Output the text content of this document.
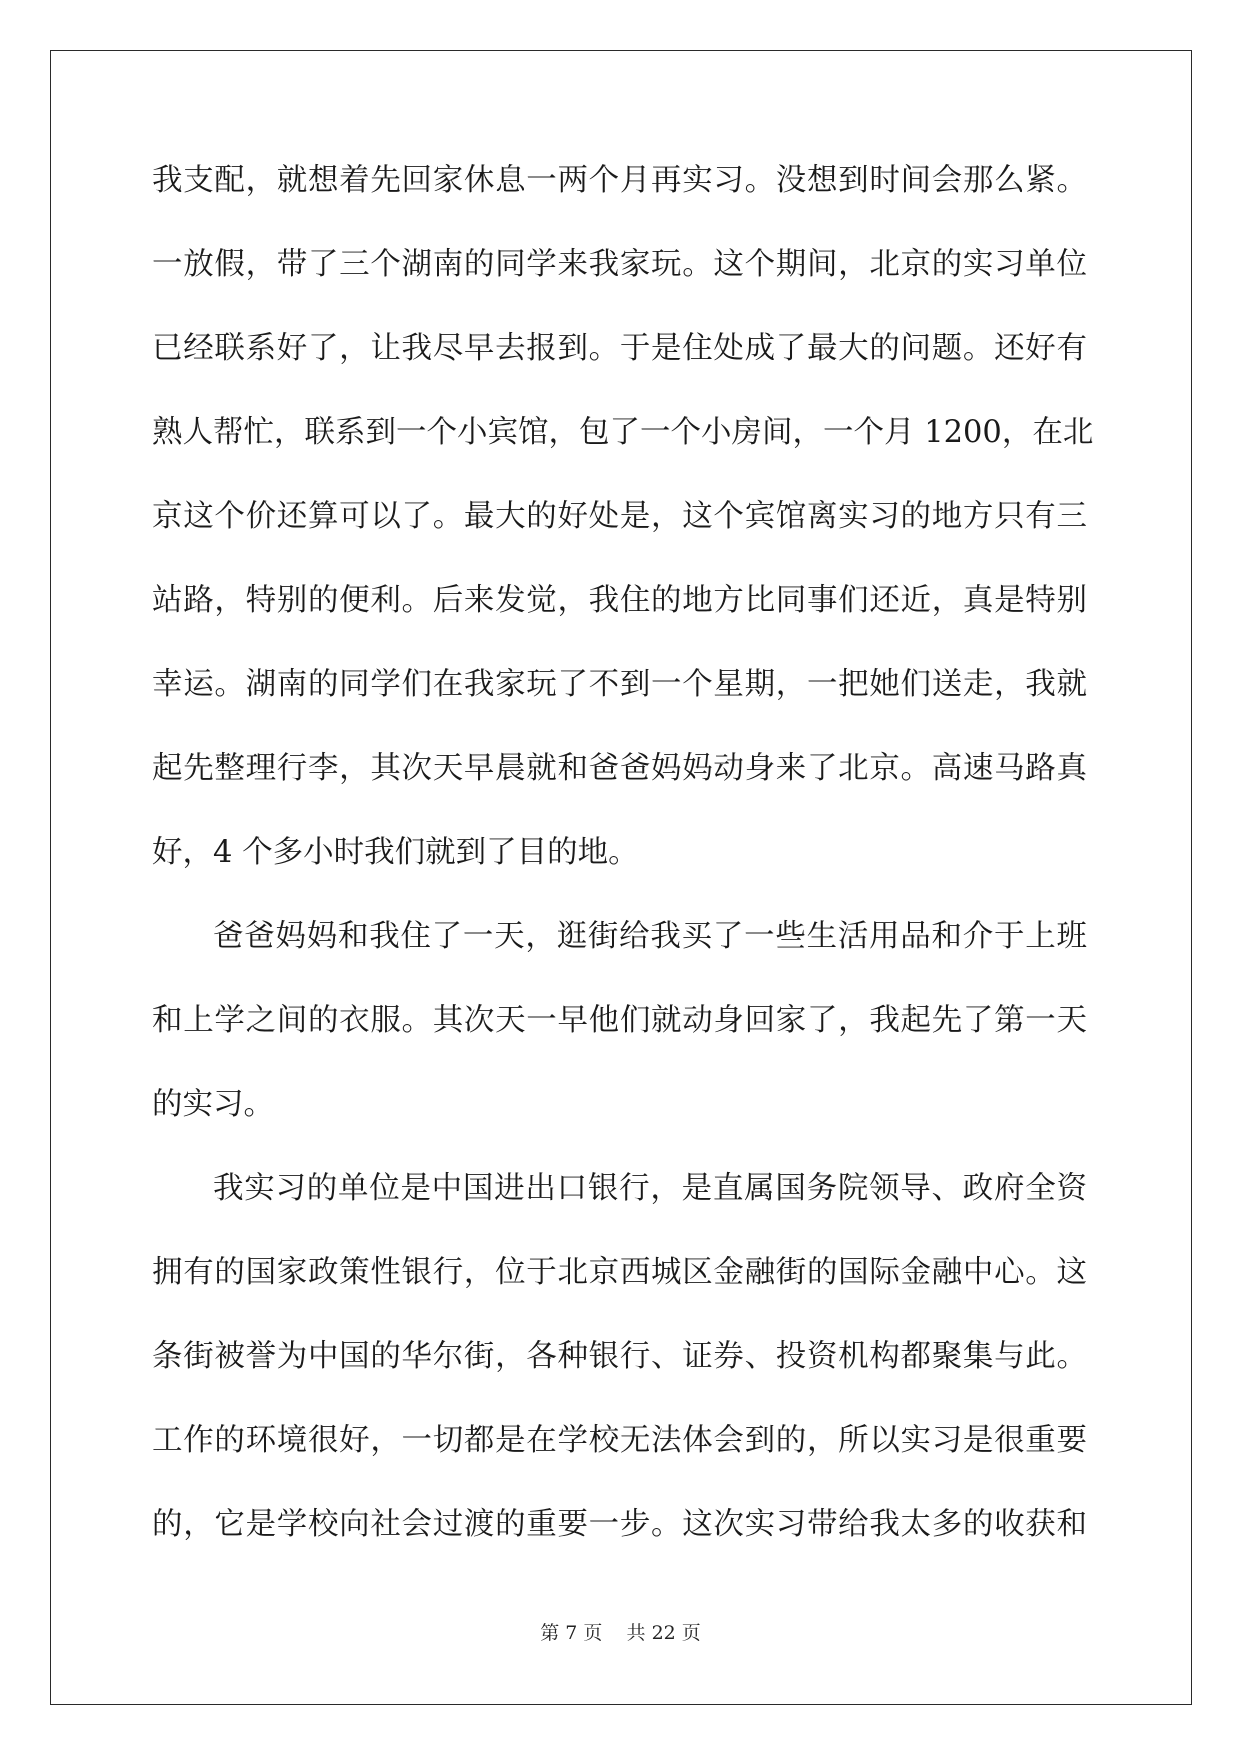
我支配，就想着先回家休息一两个月再实习。没想到时间会那么紧。
一放假，带了三个湖南的同学来我家玩。这个期间，北京的实习单位
已经联系好了，让我尽早去报到。于是住处成了最大的问题。还好有
熟人帮忙，联系到一个小宾馆，包了一个小房间，一个月 1200，在北
京这个价还算可以了。最大的好处是，这个宾馆离实习的地方只有三
站路，特别的便利。后来发觉，我住的地方比同事们还近，真是特别
幸运。湖南的同学们在我家玩了不到一个星期，一把她们送走，我就
起先整理行李，其次天早晨就和爸爸妈妈动身来了北京。高速马路真
好，4 个多小时我们就到了目的地。
爸爸妈妈和我住了一天，逛街给我买了一些生活用品和介于上班
和上学之间的衣服。其次天一早他们就动身回家了，我起先了第一天
的实习。
我实习的单位是中国进出口银行，是直属国务院领导、政府全资
拥有的国家政策性银行，位于北京西城区金融街的国际金融中心。这
条街被誉为中国的华尔街，各种银行、证券、投资机构都聚集与此。
工作的环境很好，一切都是在学校无法体会到的，所以实习是很重要
的，它是学校向社会过渡的重要一步。这次实习带给我太多的收获和
第 7 页 共 22 页
